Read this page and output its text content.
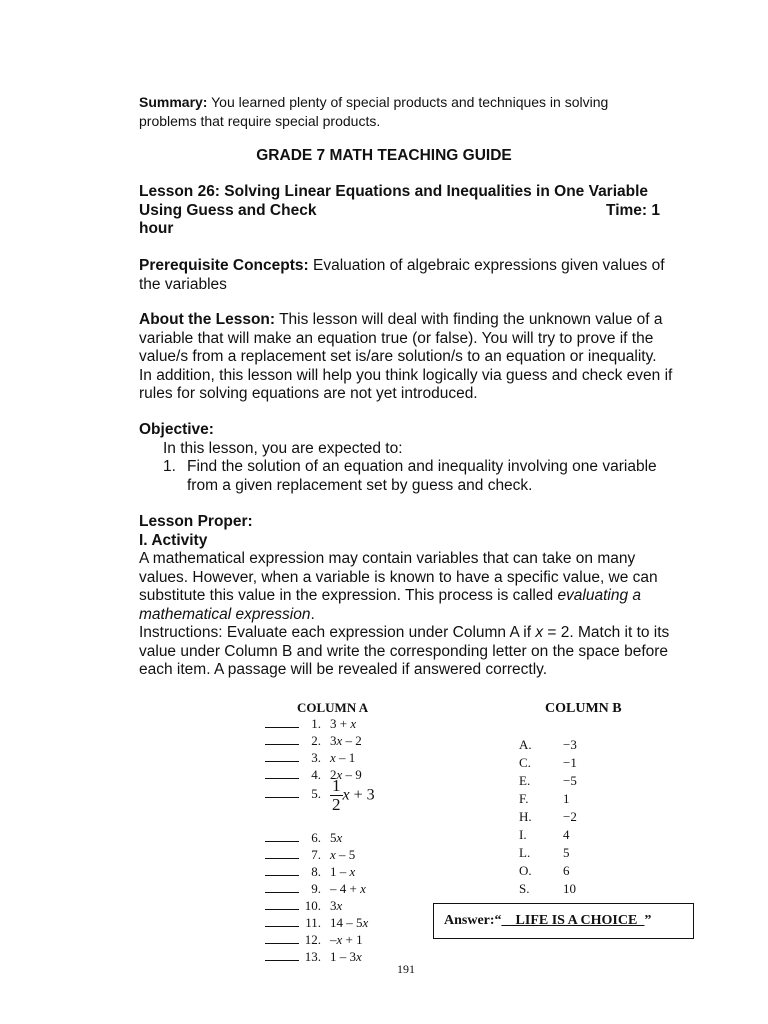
Summary: You learned plenty of special products and techniques in solving
problems that require special products.
GRADE 7 MATH TEACHING GUIDE
Lesson 26: Solving Linear Equations and Inequalities in One Variable
Using Guess and Check	Time: 1
hour
Prerequisite Concepts: Evaluation of algebraic expressions given values of
the variables
About the Lesson: This lesson will deal with finding the unknown value of a
variable that will make an equation true (or false). You will try to prove if the
value/s from a replacement set is/are solution/s to an equation or inequality.
In addition, this lesson will help you think logically via guess and check even if
rules for solving equations are not yet introduced.
Objective:
In this lesson, you are expected to:
1. Find the solution of an equation and inequality involving one variable
from a given replacement set by guess and check.
Lesson Proper:
I. Activity
A mathematical expression may contain variables that can take on many
values. However, when a variable is known to have a specific value, we can
substitute this value in the expression. This process is called evaluating a
mathematical expression.
Instructions: Evaluate each expression under Column A if x = 2. Match it to its
value under Column B and write the corresponding letter on the space before
each item. A passage will be revealed if answered correctly.
COLUMN A
1. 3 + x
2. 3x – 2
3. x – 1
4. 2x – 9
5. $\frac{1}{2}$ x + 3
6. 5x
7. x – 5
8. 1 – x
9. – 4 + x
10. 3x
11. 14 – 5x
12. –x + 1
13. 1 – 3x
COLUMN B
A. −3
C. −1
E.	−5
F.	1
H. −2
I.	4
L.	5
O. 6
S.	10
Answer: “ __LIFE IS A CHOICE_ ”
191
